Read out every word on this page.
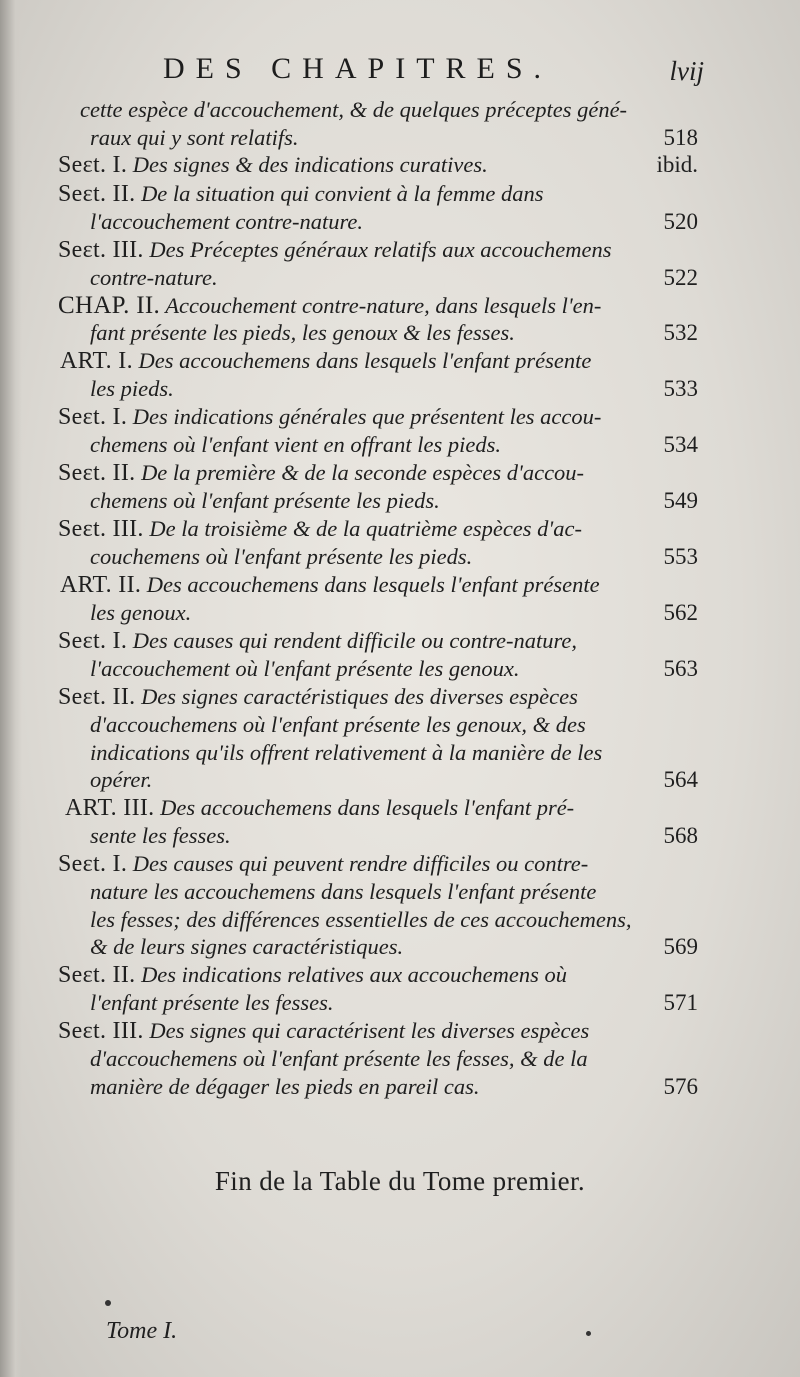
DES CHAPITRES.	lvij
cette espèce d'accouchement, & de quelques préceptes géné-
raux qui y sont relatifs.	518
Seɛt. I. Des signes & des indications curatives.	ibid.
Seɛt. II. De la situation qui convient à la femme dans
l'accouchement contre-nature.	520
Seɛt. III. Des Préceptes généraux relatifs aux accouchemens
contre-nature.	522
CHAP. II. Accouchement contre-nature, dans lesquels l'en-
fant présente les pieds, les genoux & les fesses.	532
ART. I. Des accouchemens dans lesquels l'enfant présente
les pieds.	533
Seɛt. I. Des indications générales que présentent les accou-
chemens où l'enfant vient en offrant les pieds.	534
Seɛt. II. De la première & de la seconde espèces d'accou-
chemens où l'enfant présente les pieds.	549
Seɛt. III. De la troisième & de la quatrième espèces d'ac-
couchemens où l'enfant présente les pieds.	553
ART. II. Des accouchemens dans lesquels l'enfant présente
les genoux.	562
Seɛt. I. Des causes qui rendent difficile ou contre-nature,
l'accouchement où l'enfant présente les genoux.	563
Seɛt. II. Des signes caractéristiques des diverses espèces
d'accouchemens où l'enfant présente les genoux, & des
indications qu'ils offrent relativement à la manière de les
opérer.	564
ART. III. Des accouchemens dans lesquels l'enfant pré-
sente les fesses.	568
Seɛt. I. Des causes qui peuvent rendre difficiles ou contre-
nature les accouchemens dans lesquels l'enfant présente
les fesses; des différences essentielles de ces accouchemens,
& de leurs signes caractéristiques.	569
Seɛt. II. Des indications relatives aux accouchemens où
l'enfant présente les fesses.	571
Seɛt. III. Des signes qui caractérisent les diverses espèces
d'accouchemens où l'enfant présente les fesses, & de la
manière de dégager les pieds en pareil cas.	576
Fin de la Table du Tome premier.
Tome I.
